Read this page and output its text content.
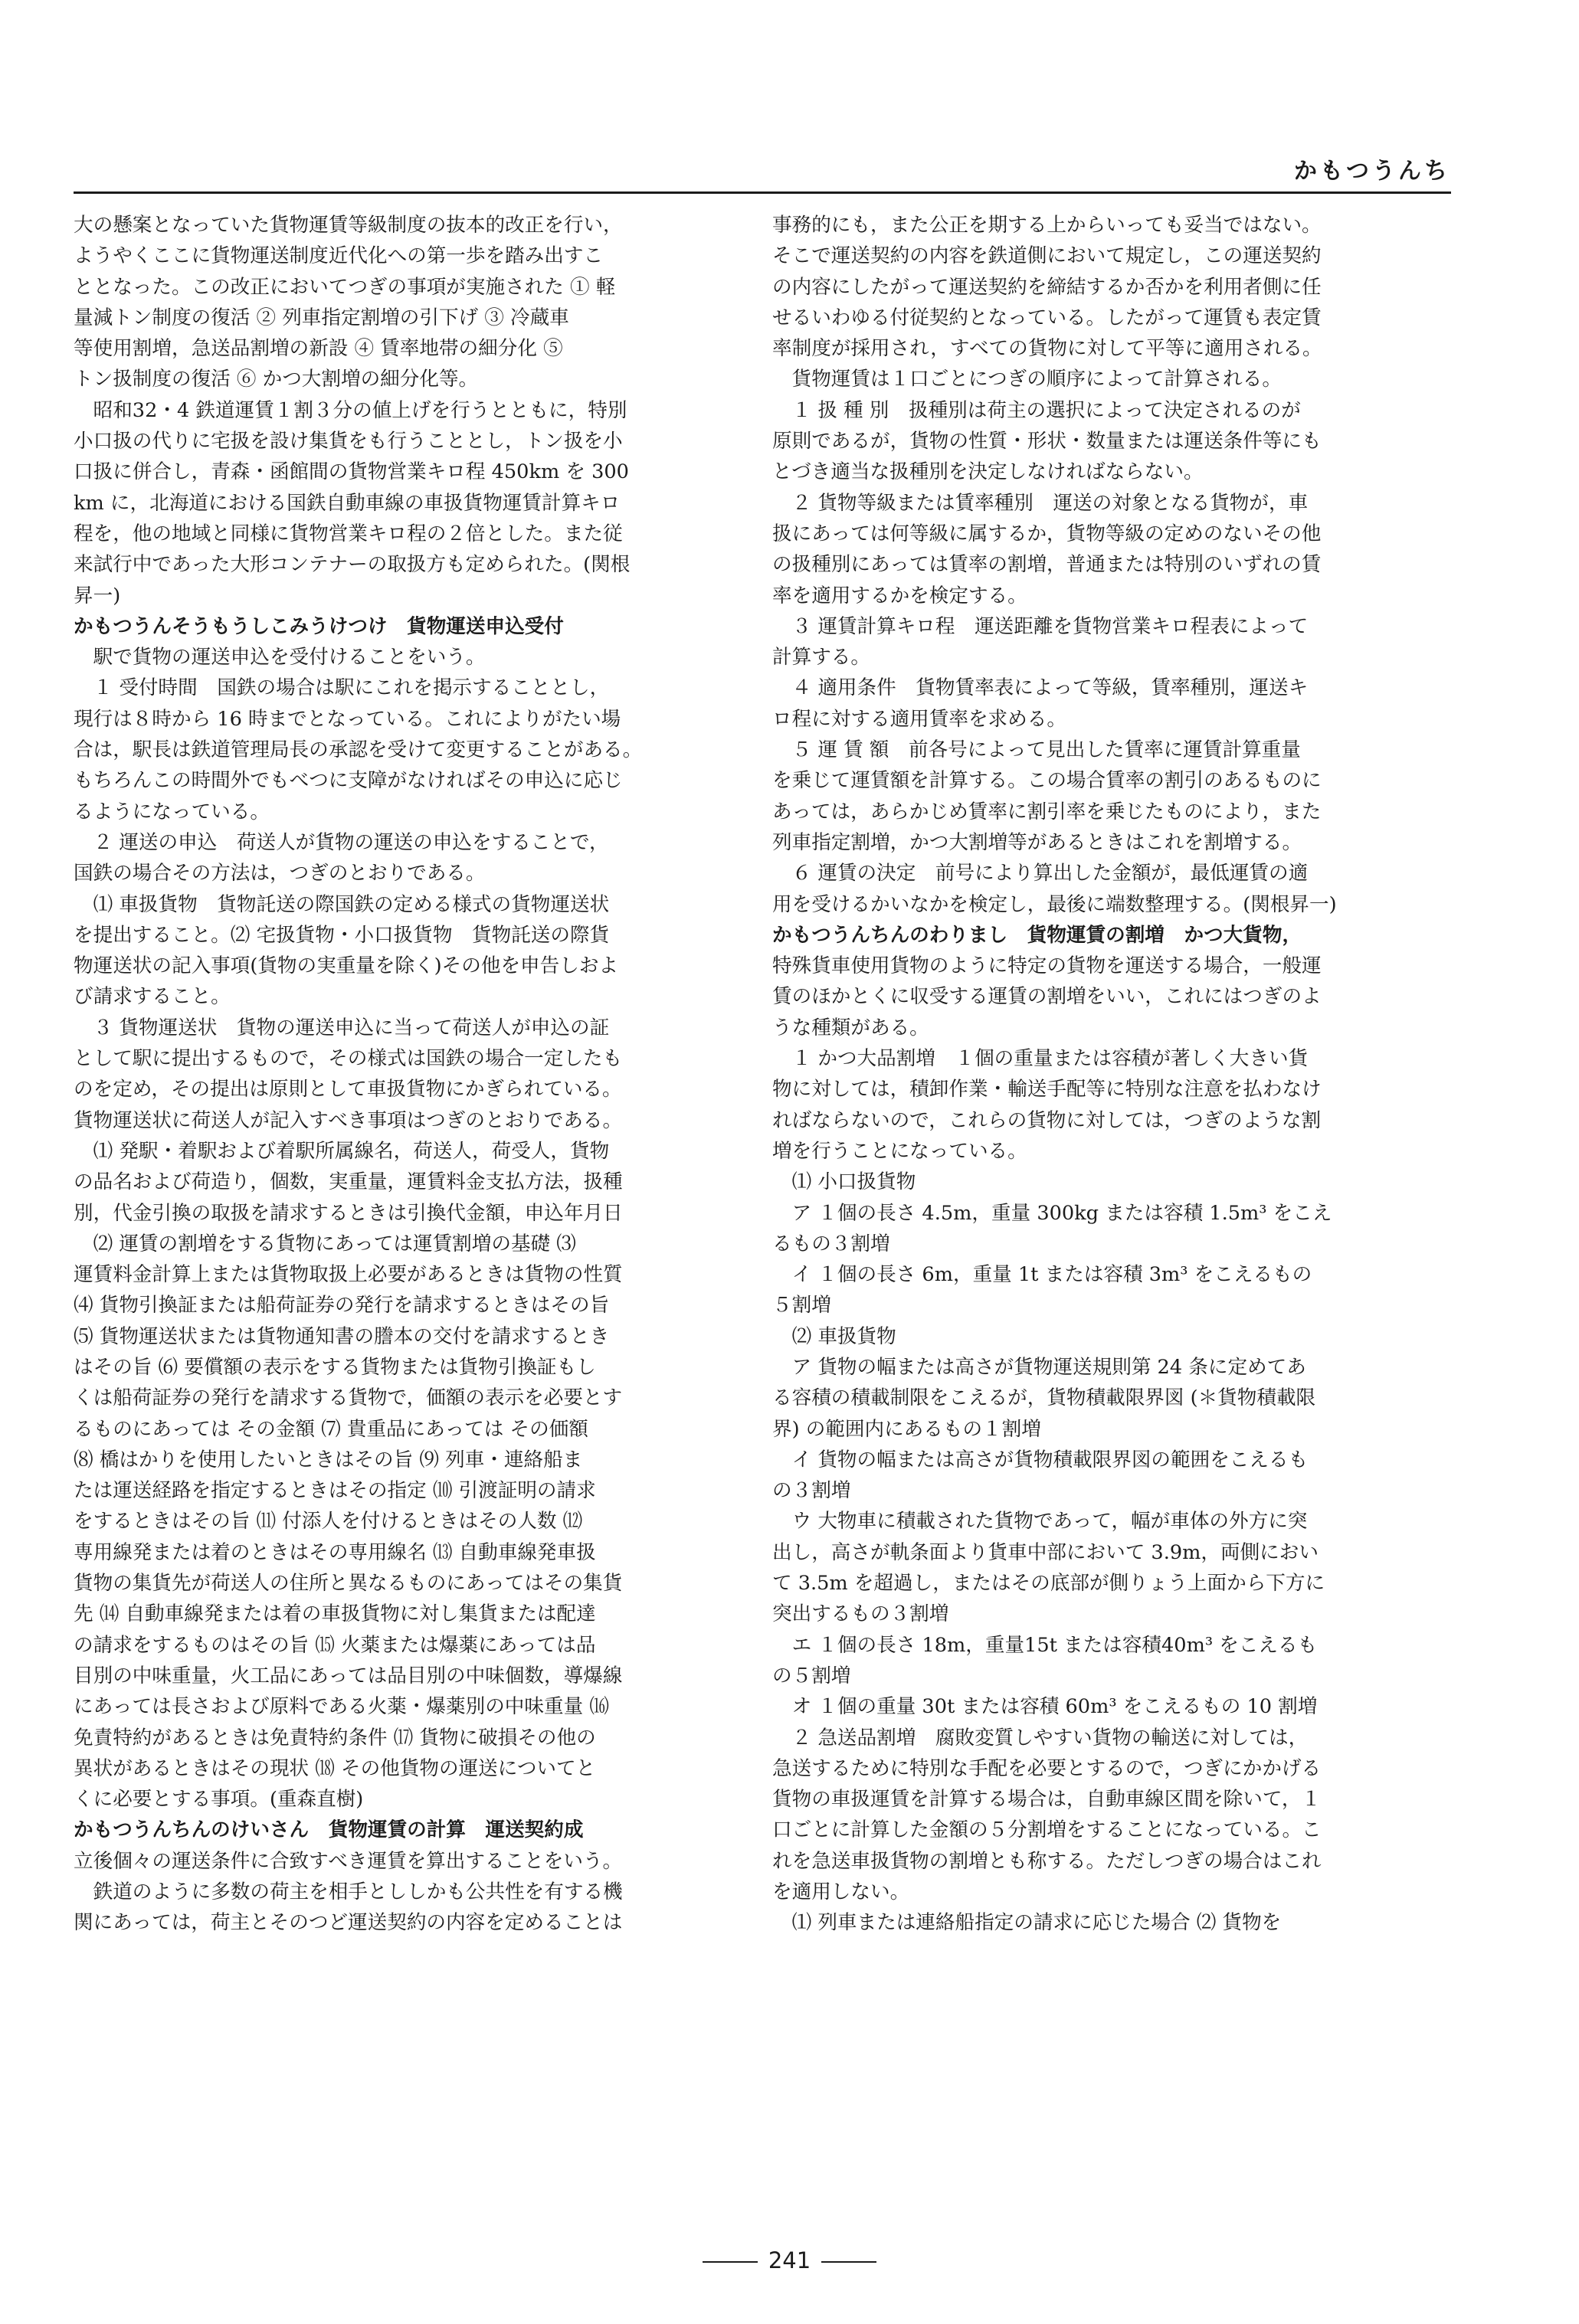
かもつうんち

大の懸案となっていた貨物運賃等級制度の抜本的改正を行い，
ようやくここに貨物運送制度近代化への第一歩を踏み出すこ
ととなった。この改正においてつぎの事項が実施された ① 軽
量減トン制度の復活 ② 列車指定割増の引下げ ③ 冷蔵車
等使用割増，急送品割増の新設 ④ 賃率地帯の細分化 ⑤
トン扱制度の復活 ⑥ かつ大割増の細分化等。

　昭和32・4 鉄道運賃１割３分の値上げを行うとともに，特別
小口扱の代りに宅扱を設け集貨をも行うこととし，トン扱を小
口扱に併合し，青森・函館間の貨物営業キロ程 450km を 300
km に，北海道における国鉄自動車線の車扱貨物運賃計算キロ
程を，他の地域と同様に貨物営業キロ程の２倍とした。また従
来試行中であった大形コンテナーの取扱方も定められた。(関根
昇一)

かもつうんそうもうしこみうけつけ　貨物運送申込受付

　駅で貨物の運送申込を受付けることをいう。

　１ 受付時間　国鉄の場合は駅にこれを掲示することとし，
現行は８時から 16 時までとなっている。これによりがたい場
合は，駅長は鉄道管理局長の承認を受けて変更することがある。
もちろんこの時間外でもべつに支障がなければその申込に応じ
るようになっている。

　２ 運送の申込　荷送人が貨物の運送の申込をすることで，
国鉄の場合その方法は，つぎのとおりである。

　⑴ 車扱貨物　貨物託送の際国鉄の定める様式の貨物運送状
を提出すること。⑵ 宅扱貨物・小口扱貨物　貨物託送の際貨
物運送状の記入事項(貨物の実重量を除く)その他を申告しおよ
び請求すること。

　３ 貨物運送状　貨物の運送申込に当って荷送人が申込の証
として駅に提出するもので，その様式は国鉄の場合一定したも
のを定め，その提出は原則として車扱貨物にかぎられている。
貨物運送状に荷送人が記入すべき事項はつぎのとおりである。

　⑴ 発駅・着駅および着駅所属線名，荷送人，荷受人，貨物
の品名および荷造り，個数，実重量，運賃料金支払方法，扱種
別，代金引換の取扱を請求するときは引換代金額，申込年月日

　⑵ 運賃の割増をする貨物にあっては運賃割増の基礎 ⑶
運賃料金計算上または貨物取扱上必要があるときは貨物の性質
⑷ 貨物引換証または船荷証券の発行を請求するときはその旨
⑸ 貨物運送状または貨物通知書の謄本の交付を請求するとき
はその旨 ⑹ 要償額の表示をする貨物または貨物引換証もし
くは船荷証券の発行を請求する貨物で，価額の表示を必要とす
るものにあっては その金額 ⑺ 貴重品にあっては その価額
⑻ 橋はかりを使用したいときはその旨 ⑼ 列車・連絡船ま
たは運送経路を指定するときはその指定 ⑽ 引渡証明の請求
をするときはその旨 ⑾ 付添人を付けるときはその人数 ⑿
専用線発または着のときはその専用線名 ⒀ 自動車線発車扱
貨物の集貨先が荷送人の住所と異なるものにあってはその集貨
先 ⒁ 自動車線発または着の車扱貨物に対し集貨または配達
の請求をするものはその旨 ⒂ 火薬または爆薬にあっては品
目別の中味重量，火工品にあっては品目別の中味個数，導爆線
にあっては長さおよび原料である火薬・爆薬別の中味重量 ⒃
免責特約があるときは免責特約条件 ⒄ 貨物に破損その他の
異状があるときはその現状 ⒅ その他貨物の運送についてと
くに必要とする事項。(重森直樹)

かもつうんちんのけいさん　貨物運賃の計算　運送契約成

立後個々の運送条件に合致すべき運賃を算出することをいう。

　鉄道のように多数の荷主を相手とししかも公共性を有する機
関にあっては，荷主とそのつど運送契約の内容を定めることは

事務的にも，また公正を期する上からいっても妥当ではない。
そこで運送契約の内容を鉄道側において規定し，この運送契約
の内容にしたがって運送契約を締結するか否かを利用者側に任
せるいわゆる付従契約となっている。したがって運賃も表定賃
率制度が採用され，すべての貨物に対して平等に適用される。

　貨物運賃は１口ごとにつぎの順序によって計算される。

　１ 扱 種 別　扱種別は荷主の選択によって決定されるのが
原則であるが，貨物の性質・形状・数量または運送条件等にも
とづき適当な扱種別を決定しなければならない。

　２ 貨物等級または賃率種別　運送の対象となる貨物が，車
扱にあっては何等級に属するか，貨物等級の定めのないその他
の扱種別にあっては賃率の割増，普通または特別のいずれの賃
率を適用するかを検定する。

　３ 運賃計算キロ程　運送距離を貨物営業キロ程表によって
計算する。

　４ 適用条件　貨物賃率表によって等級，賃率種別，運送キ
ロ程に対する適用賃率を求める。

　５ 運 賃 額　前各号によって見出した賃率に運賃計算重量
を乗じて運賃額を計算する。この場合賃率の割引のあるものに
あっては，あらかじめ賃率に割引率を乗じたものにより，また
列車指定割増，かつ大割増等があるときはこれを割増する。

　６ 運賃の決定　前号により算出した金額が，最低運賃の適
用を受けるかいなかを検定し，最後に端数整理する。(関根昇一)

かもつうんちんのわりまし　貨物運賃の割増　かつ大貨物，

特殊貨車使用貨物のように特定の貨物を運送する場合，一般運
賃のほかとくに収受する運賃の割増をいい，これにはつぎのよ
うな種類がある。

　１ かつ大品割増　１個の重量または容積が著しく大きい貨
物に対しては，積卸作業・輸送手配等に特別な注意を払わなけ
ればならないので，これらの貨物に対しては，つぎのような割
増を行うことになっている。

　⑴ 小口扱貨物

　ア １個の長さ 4.5m，重量 300kg または容積 1.5m³ をこえ
るもの３割増

　イ １個の長さ 6m，重量 1t または容積 3m³ をこえるもの
５割増

　⑵ 車扱貨物

　ア 貨物の幅または高さが貨物運送規則第 24 条に定めてあ
る容積の積載制限をこえるが，貨物積載限界図 (＊貨物積載限
界) の範囲内にあるもの１割増

　イ 貨物の幅または高さが貨物積載限界図の範囲をこえるも
の３割増

　ウ 大物車に積載された貨物であって，幅が車体の外方に突
出し，高さが軌条面より貨車中部において 3.9m，両側におい
て 3.5m を超過し，またはその底部が側りょう上面から下方に
突出するもの３割増

　エ １個の長さ 18m，重量15t または容積40m³ をこえるも
の５割増

　オ １個の重量 30t または容積 60m³ をこえるもの 10 割増

　２ 急送品割増　腐敗変質しやすい貨物の輸送に対しては，
急送するために特別な手配を必要とするので，つぎにかかげる
貨物の車扱運賃を計算する場合は，自動車線区間を除いて，１
口ごとに計算した金額の５分割増をすることになっている。こ
れを急送車扱貨物の割増とも称する。ただしつぎの場合はこれ
を適用しない。

　⑴ 列車または連絡船指定の請求に応じた場合 ⑵ 貨物を

241
